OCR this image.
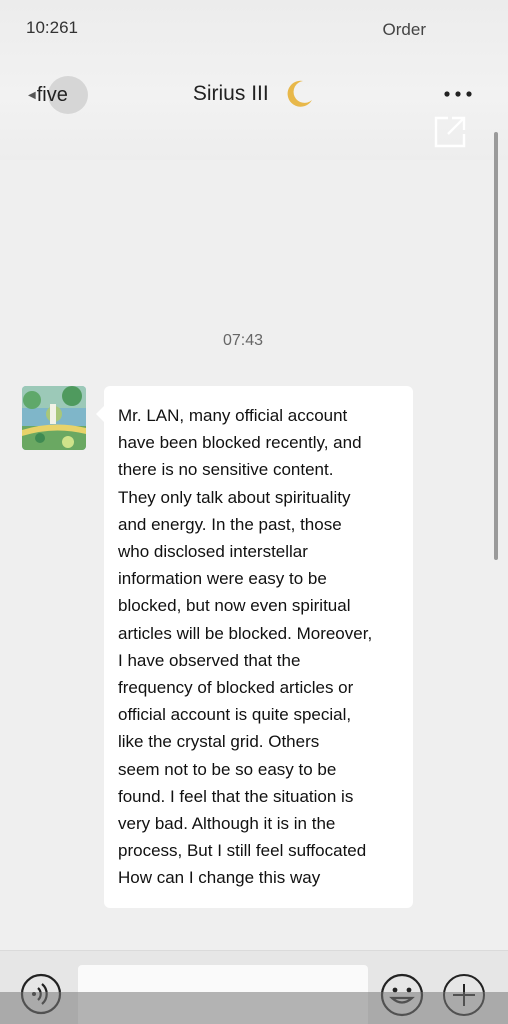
10:261	Order
◀ five	Sirius III
07:43
Mr. LAN, many official account
have been blocked recently, and
there is no sensitive content.
They only talk about spirituality
and energy. In the past, those
who disclosed interstellar
information were easy to be
blocked, but now even spiritual
articles will be blocked. Moreover,
I have observed that the
frequency of blocked articles or
official account is quite special,
like the crystal grid. Others
seem not to be so easy to be
found. I feel that the situation is
very bad. Although it is in the
process, But I still feel suffocated
How can I change this way
